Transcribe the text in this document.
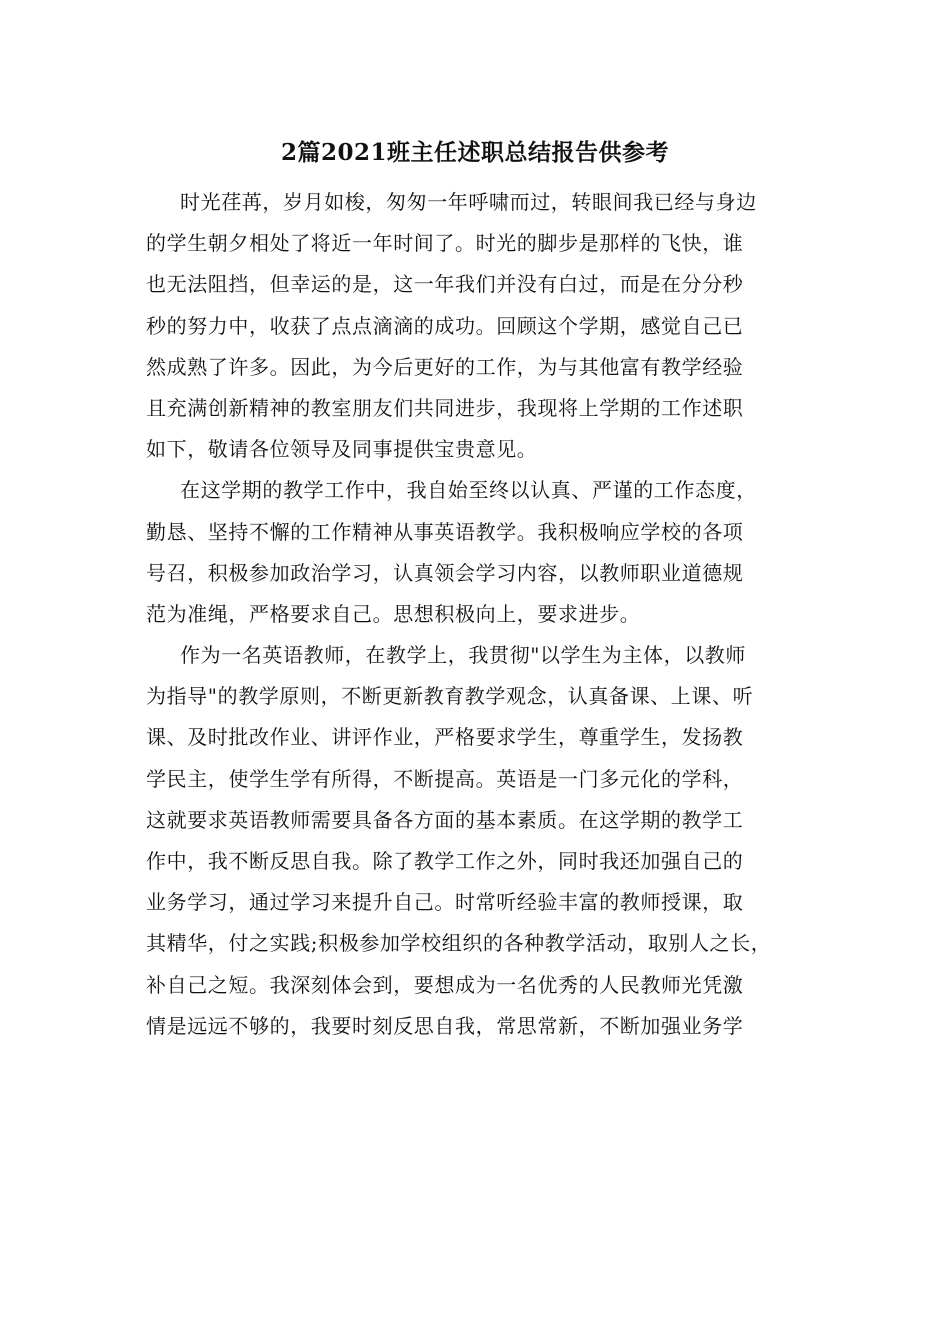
2篇2021班主任述职总结报告供参考
时光荏苒，岁月如梭，匆匆一年呼啸而过，转眼间我已经与身边
的学生朝夕相处了将近一年时间了。时光的脚步是那样的飞快，谁
也无法阻挡，但幸运的是，这一年我们并没有白过，而是在分分秒
秒的努力中，收获了点点滴滴的成功。回顾这个学期，感觉自己已
然成熟了许多。因此，为今后更好的工作，为与其他富有教学经验
且充满创新精神的教室朋友们共同进步，我现将上学期的工作述职
如下，敬请各位领导及同事提供宝贵意见。
在这学期的教学工作中，我自始至终以认真、严谨的工作态度，
勤恳、坚持不懈的工作精神从事英语教学。我积极响应学校的各项
号召，积极参加政治学习，认真领会学习内容，以教师职业道德规
范为准绳，严格要求自己。思想积极向上，要求进步。
作为一名英语教师，在教学上，我贯彻"以学生为主体，以教师
为指导"的教学原则，不断更新教育教学观念，认真备课、上课、听
课、及时批改作业、讲评作业，严格要求学生，尊重学生，发扬教
学民主，使学生学有所得，不断提高。英语是一门多元化的学科，
这就要求英语教师需要具备各方面的基本素质。在这学期的教学工
作中，我不断反思自我。除了教学工作之外，同时我还加强自己的
业务学习，通过学习来提升自己。时常听经验丰富的教师授课，取
其精华，付之实践;积极参加学校组织的各种教学活动，取别人之长，
补自己之短。我深刻体会到，要想成为一名优秀的人民教师光凭激
情是远远不够的，我要时刻反思自我，常思常新，不断加强业务学
